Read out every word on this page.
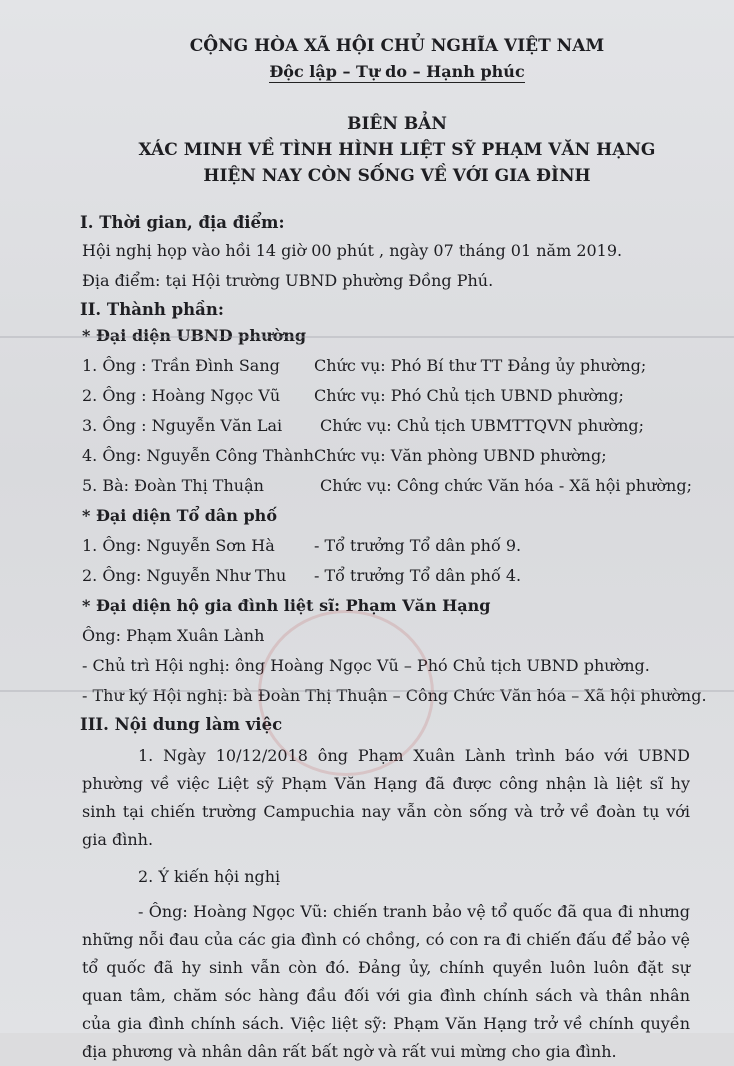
CỘNG HÒA XÃ HỘI CHỦ NGHĨA VIỆT NAM
Độc lập – Tự do – Hạnh phúc
BIÊN BẢN
XÁC MINH VỀ TÌNH HÌNH LIỆT SỸ PHẠM VĂN HẠNG
HIỆN NAY CÒN SỐNG VỀ VỚI GIA ĐÌNH
I. Thời gian, địa điểm:
Hội nghị họp vào hồi 14 giờ 00 phút , ngày 07 tháng 01 năm 2019.
Địa điểm: tại Hội trường UBND phường Đồng Phú.
II. Thành phần:
* Đại diện UBND phường
1. Ông : Trần Đình Sang	Chức vụ: Phó Bí thư TT Đảng ủy phường;
2. Ông : Hoàng Ngọc Vũ	Chức vụ: Phó Chủ tịch UBND phường;
3. Ông : Nguyễn Văn Lai	Chức vụ: Chủ tịch UBMTTQVN phường;
4. Ông: Nguyễn Công Thành Chức vụ: Văn phòng UBND phường;
5. Bà: Đoàn Thị Thuận	Chức vụ: Công chức Văn hóa - Xã hội phường;
* Đại diện Tổ dân phố
1. Ông: Nguyễn Sơn Hà	- Tổ trưởng Tổ dân phố 9.
2. Ông: Nguyễn Như Thu	- Tổ trưởng Tổ dân phố 4.
* Đại diện hộ gia đình liệt sĩ: Phạm Văn Hạng
Ông: Phạm Xuân Lành
- Chủ trì Hội nghị: ông Hoàng Ngọc Vũ – Phó Chủ tịch UBND phường.
- Thư ký Hội nghị: bà Đoàn Thị Thuận – Công Chức Văn hóa – Xã hội phường.
III. Nội dung làm việc
1. Ngày 10/12/2018 ông Phạm Xuân Lành trình báo với UBND phường về việc Liệt sỹ Phạm Văn Hạng đã được công nhận là liệt sĩ hy sinh tại chiến trường Campuchia nay vẫn còn sống và trở về đoàn tụ với gia đình.
2. Ý kiến hội nghị
- Ông: Hoàng Ngọc Vũ: chiến tranh bảo vệ tổ quốc đã qua đi nhưng những nỗi đau của các gia đình có chồng, có con ra đi chiến đấu để bảo vệ tổ quốc đã hy sinh vẫn còn đó. Đảng ủy, chính quyền luôn luôn đặt sự quan tâm, chăm sóc hàng đầu đối với gia đình chính sách và thân nhân của gia đình chính sách. Việc liệt sỹ: Phạm Văn Hạng trở về chính quyền địa phương và nhân dân rất bất ngờ và rất vui mừng cho gia đình.
